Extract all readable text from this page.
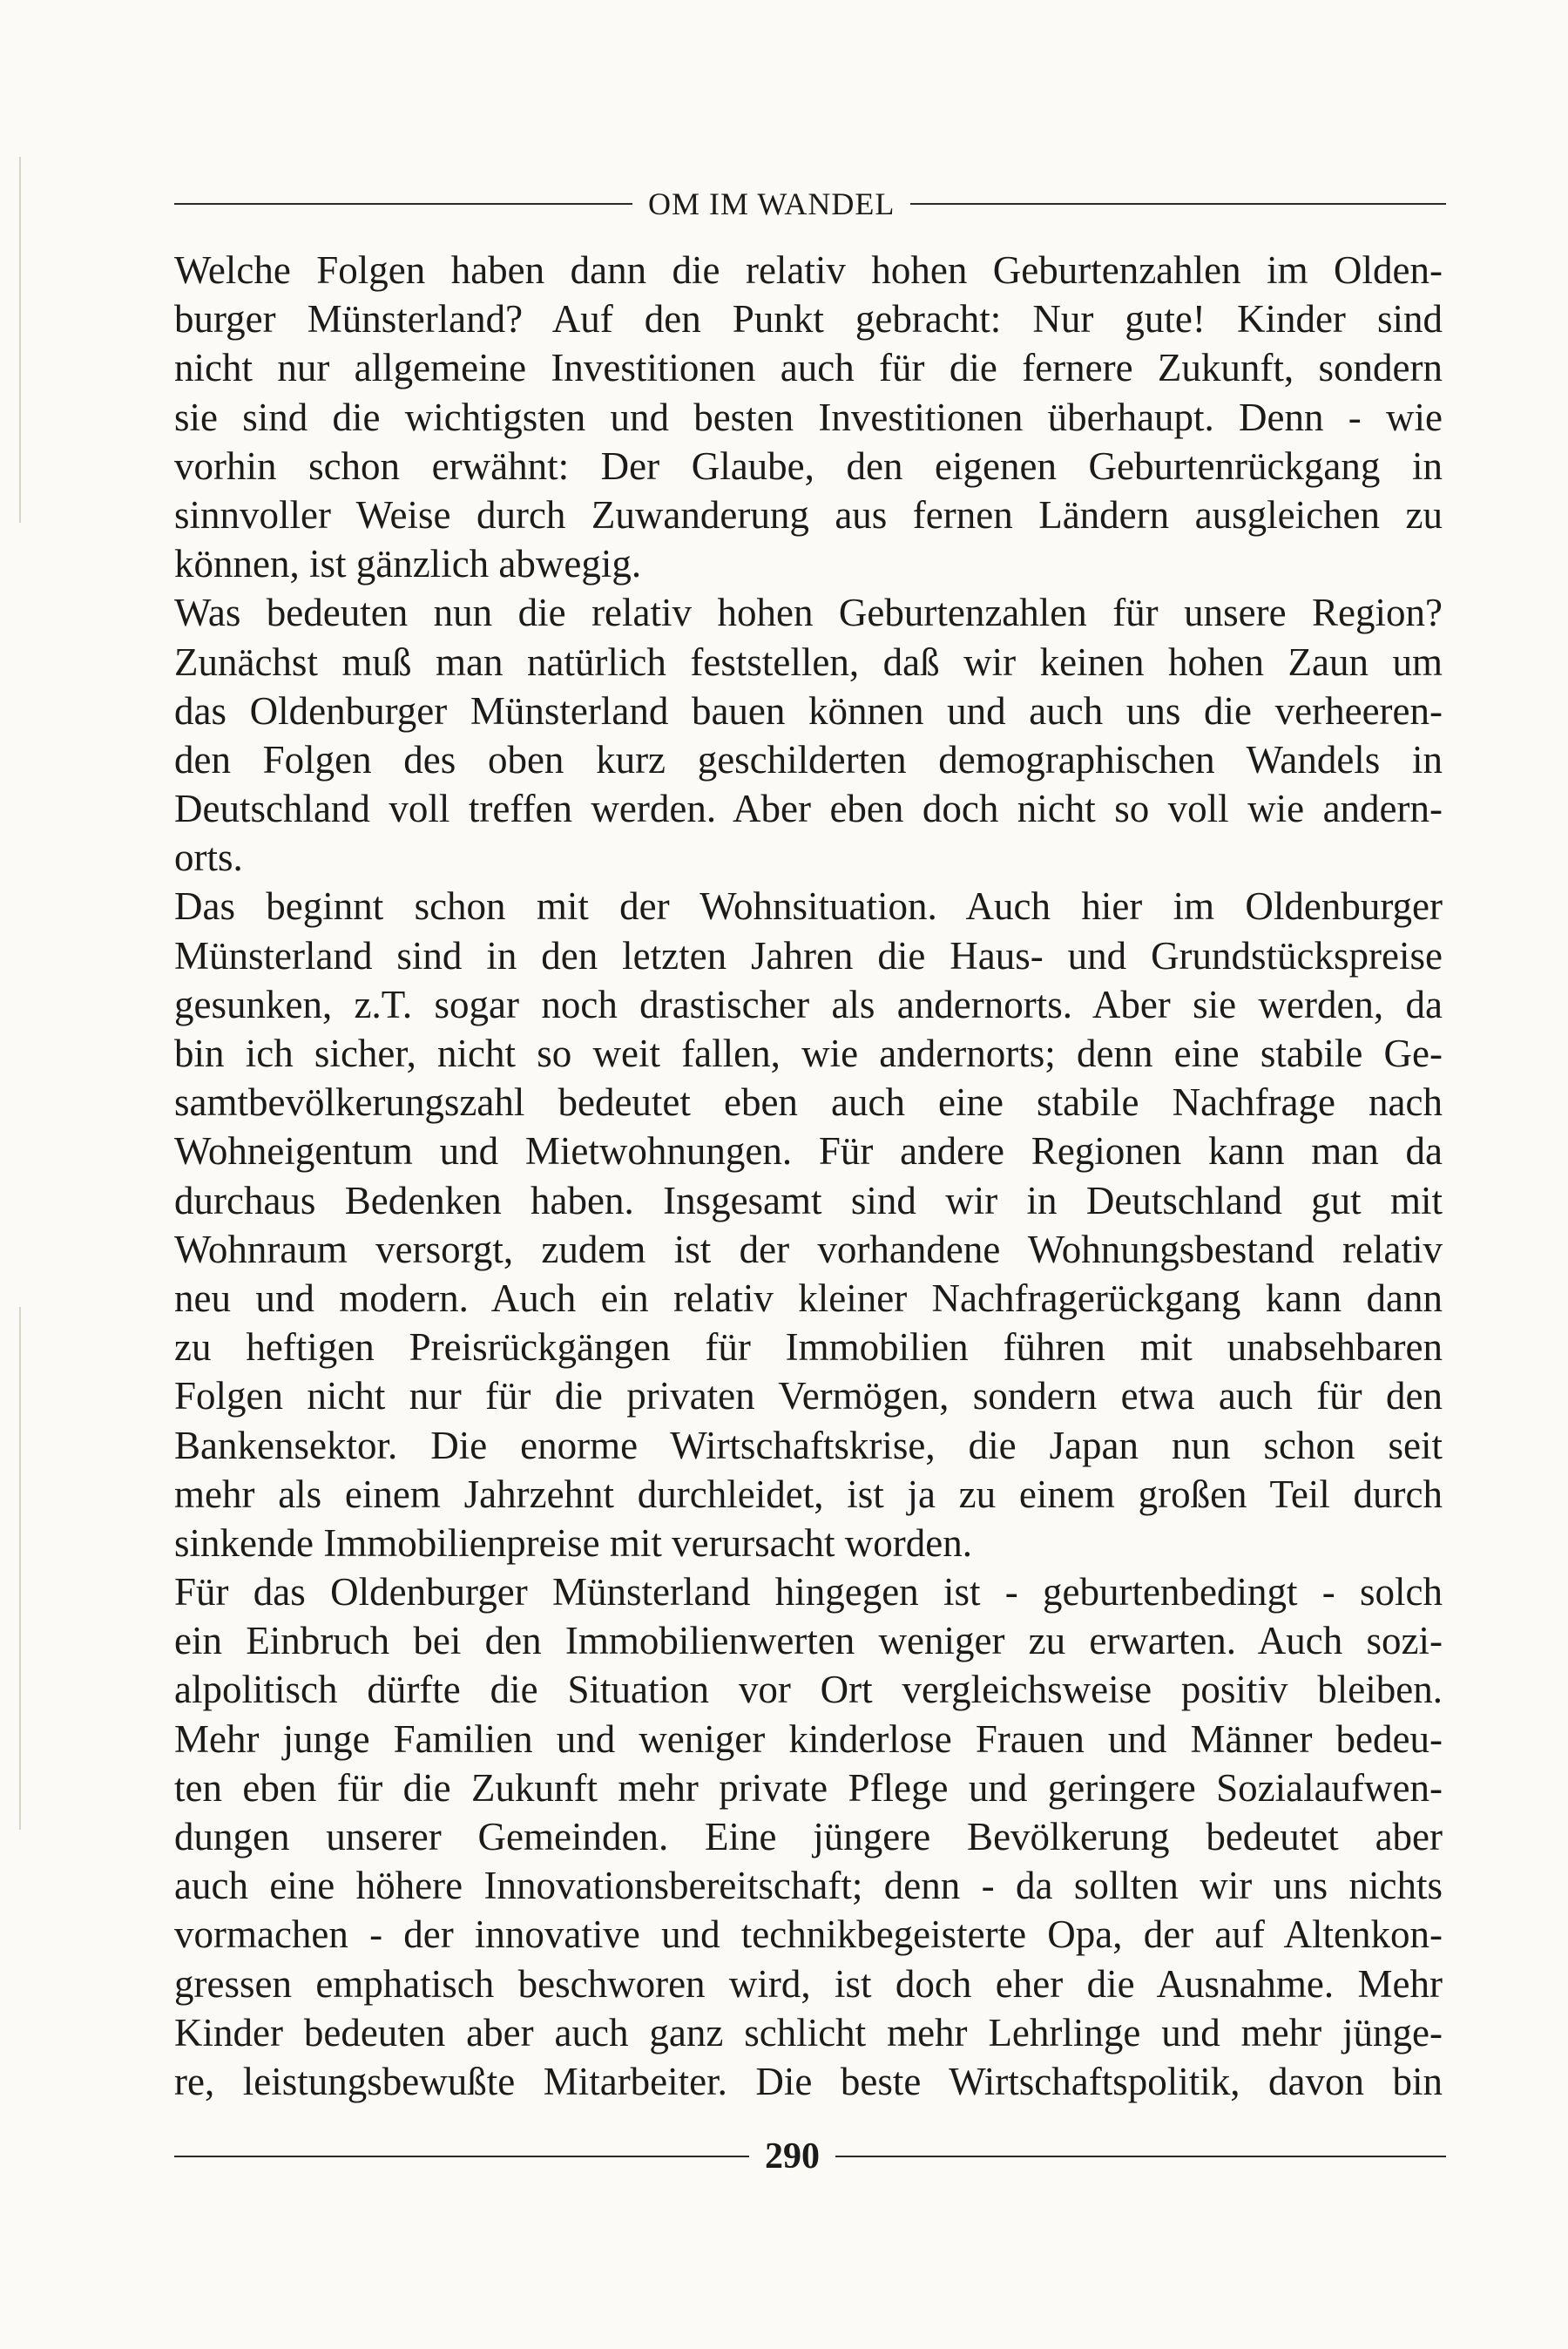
OM IM WANDEL
Welche Folgen haben dann die relativ hohen Geburtenzahlen im Olden-
burger Münsterland? Auf den Punkt gebracht: Nur gute! Kinder sind
nicht nur allgemeine Investitionen auch für die fernere Zukunft, sondern
sie sind die wichtigsten und besten Investitionen überhaupt. Denn - wie
vorhin schon erwähnt: Der Glaube, den eigenen Geburtenrückgang in
sinnvoller Weise durch Zuwanderung aus fernen Ländern ausgleichen zu
können, ist gänzlich abwegig.
Was bedeuten nun die relativ hohen Geburtenzahlen für unsere Region?
Zunächst muß man natürlich feststellen, daß wir keinen hohen Zaun um
das Oldenburger Münsterland bauen können und auch uns die verheeren-
den Folgen des oben kurz geschilderten demographischen Wandels in
Deutschland voll treffen werden. Aber eben doch nicht so voll wie andern-
orts.
Das beginnt schon mit der Wohnsituation. Auch hier im Oldenburger
Münsterland sind in den letzten Jahren die Haus- und Grundstückspreise
gesunken, z.T. sogar noch drastischer als andernorts. Aber sie werden, da
bin ich sicher, nicht so weit fallen, wie andernorts; denn eine stabile Ge-
samtbevölkerungszahl bedeutet eben auch eine stabile Nachfrage nach
Wohneigentum und Mietwohnungen. Für andere Regionen kann man da
durchaus Bedenken haben. Insgesamt sind wir in Deutschland gut mit
Wohnraum versorgt, zudem ist der vorhandene Wohnungsbestand relativ
neu und modern. Auch ein relativ kleiner Nachfragerückgang kann dann
zu heftigen Preisrückgängen für Immobilien führen mit unabsehbaren
Folgen nicht nur für die privaten Vermögen, sondern etwa auch für den
Bankensektor. Die enorme Wirtschaftskrise, die Japan nun schon seit
mehr als einem Jahrzehnt durchleidet, ist ja zu einem großen Teil durch
sinkende Immobilienpreise mit verursacht worden.
Für das Oldenburger Münsterland hingegen ist - geburtenbedingt - solch
ein Einbruch bei den Immobilienwerten weniger zu erwarten. Auch sozi-
alpolitisch dürfte die Situation vor Ort vergleichsweise positiv bleiben.
Mehr junge Familien und weniger kinderlose Frauen und Männer bedeu-
ten eben für die Zukunft mehr private Pflege und geringere Sozialaufwen-
dungen unserer Gemeinden. Eine jüngere Bevölkerung bedeutet aber
auch eine höhere Innovationsbereitschaft; denn - da sollten wir uns nichts
vormachen - der innovative und technikbegeisterte Opa, der auf Altenkon-
gressen emphatisch beschworen wird, ist doch eher die Ausnahme. Mehr
Kinder bedeuten aber auch ganz schlicht mehr Lehrlinge und mehr jünge-
re, leistungsbewußte Mitarbeiter. Die beste Wirtschaftspolitik, davon bin
290
